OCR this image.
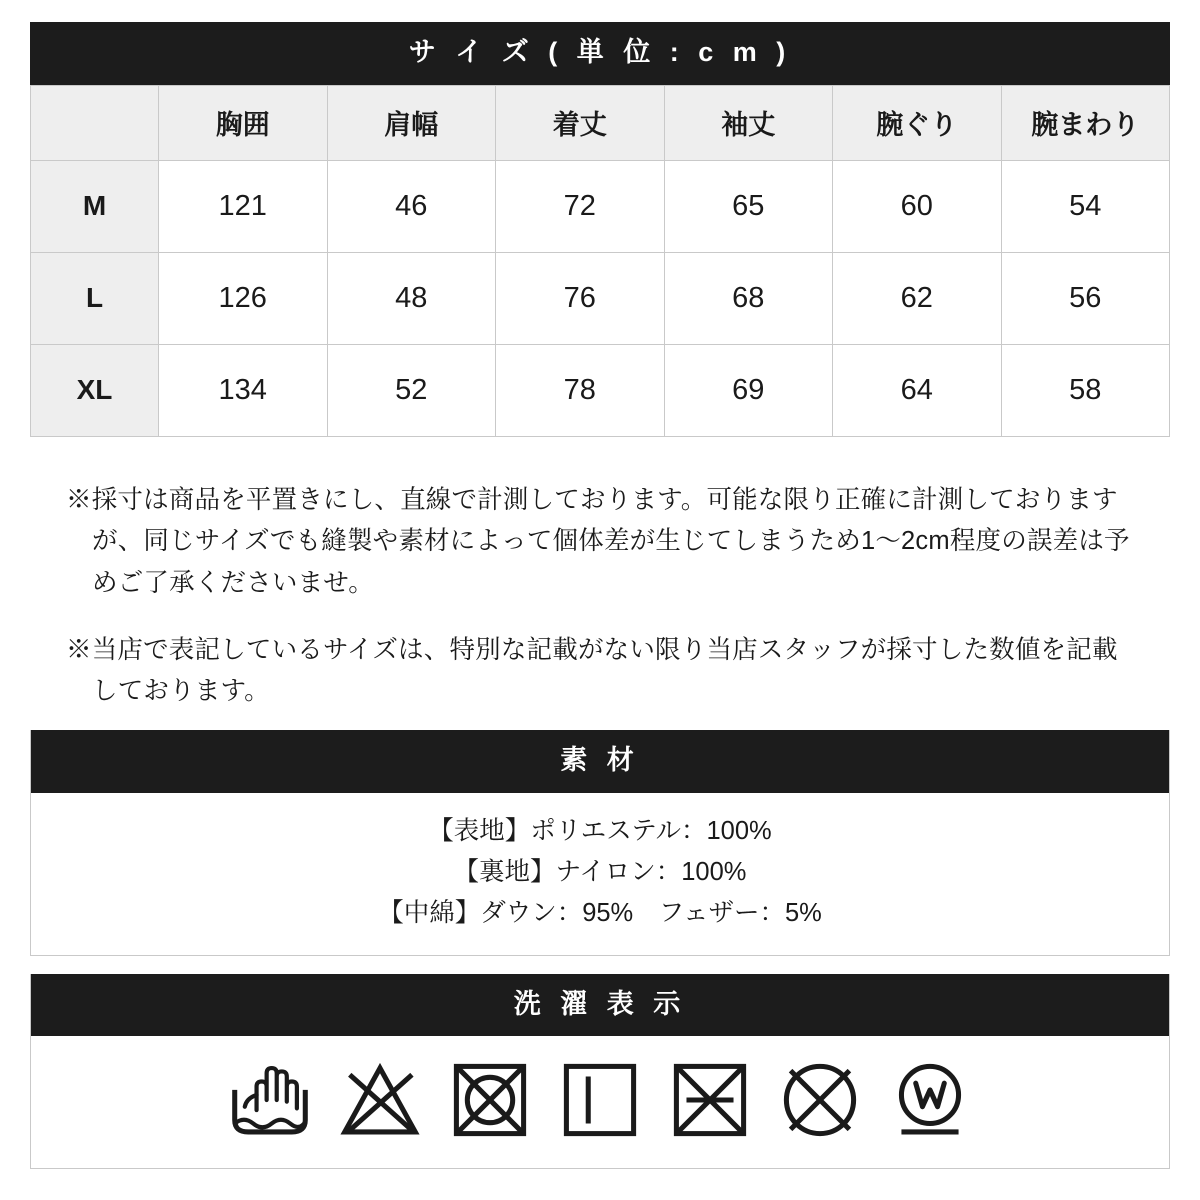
サ イ ズ ( 単 位 : c m )
	胸囲	肩幅	着丈	袖丈	腕ぐり	腕まわり
M	121	46	72	65	60	54
L	126	48	76	68	62	56
XL	134	52	78	69	64	58

※採寸は商品を平置きにし、直線で計測しております。可能な限り正確に計測しておりますが、同じサイズでも縫製や素材によって個体差が生じてしまうため1〜2cm程度の誤差は予めご了承くださいませ。

※当店で表記しているサイズは、特別な記載がない限り当店スタッフが採寸した数値を記載しております。

素 材
【表地】ポリエステル：100%
【裏地】ナイロン：100%
【中綿】ダウン：95%　フェザー：5%
洗 濯 表 示
